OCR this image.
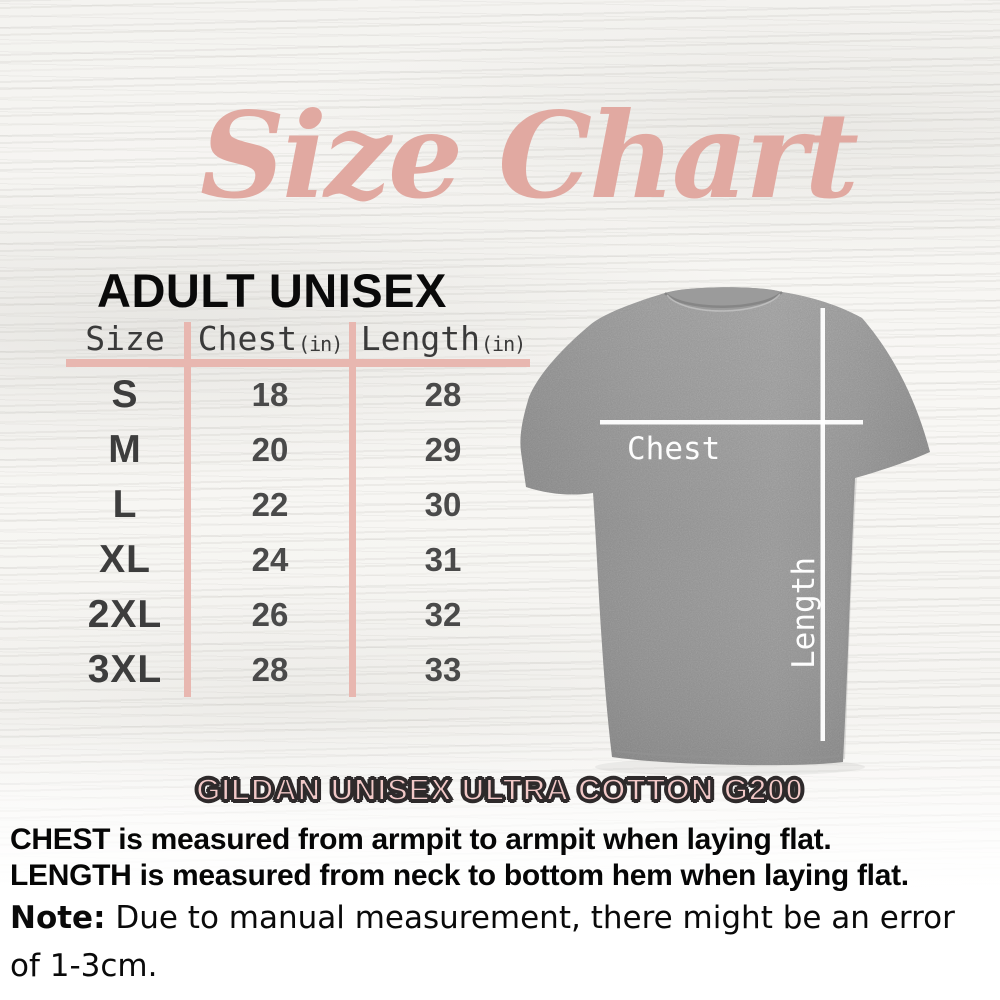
Size Chart
ADULT UNISEX
Size Chest (in) Length (in)
S	18	28
M	20	29
L	22	30
XL	24	31
2XL	26	32
3XL	28	33
Chest
Length
GILDAN UNISEX ULTRA COTTON G200

CHEST is measured from armpit to armpit when laying flat.

LENGTH is measured from neck to bottom hem when laying flat.

Note: Due to manual measurement, there might be an error of 1-3cm.
